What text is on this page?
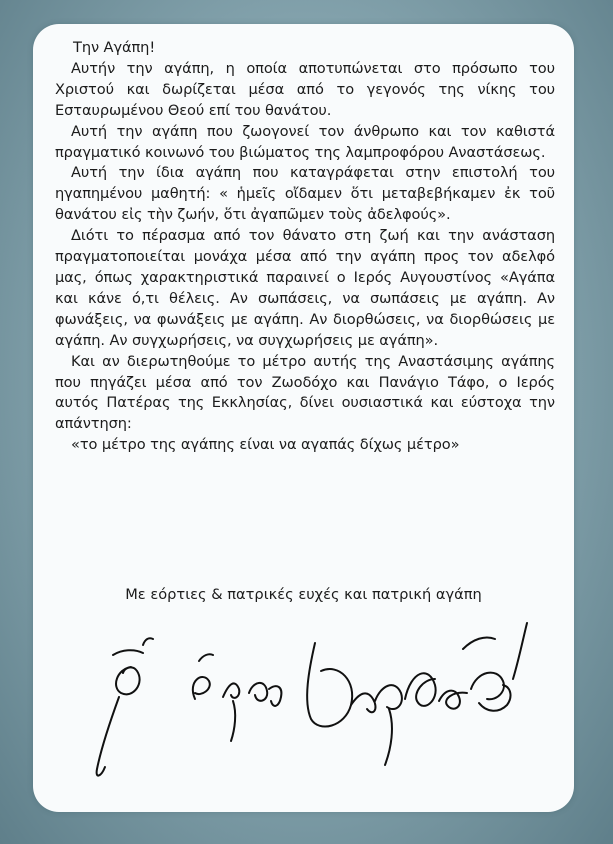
Την Αγάπη!

Αυτήν την αγάπη, η οποία αποτυπώνεται στο πρόσωπο του Χριστού και δωρίζεται μέσα από το γεγονός της νίκης του Εσταυρωμένου Θεού επί του θανάτου.

Αυτή την αγάπη που ζωογονεί τον άνθρωπο και τον καθιστά πραγματικό κοινωνό του βιώματος της λαμπροφόρου Αναστάσεως.

Αυτή την ίδια αγάπη που καταγράφεται στην επιστολή του ηγαπημένου μαθητή: « ἡμεῖς οἴδαμεν ὅτι μεταβεβήκαμεν ἐκ τοῦ θανάτου εἰς τὴν ζωήν, ὅτι ἀγαπῶμεν τοὺς ἀδελφούς».

Διότι το πέρασμα από τον θάνατο στη ζωή και την ανάσταση πραγματοποιείται μονάχα μέσα από την αγάπη προς τον αδελφό μας, όπως χαρακτηριστικά παραινεί ο Ιερός Αυγουστίνος «Αγάπα και κάνε ό,τι θέλεις. Αν σωπάσεις, να σωπάσεις με αγάπη. Αν φωνάξεις, να φωνάξεις με αγάπη. Αν διορθώσεις, να διορθώσεις με αγάπη. Αν συγχωρήσεις, να συγχωρήσεις με αγάπη».

Και αν διερωτηθούμε το μέτρο αυτής της Αναστάσιμης αγάπης που πηγάζει μέσα από τον Ζωοδόχο και Πανάγιο Τάφο, ο Ιερός αυτός Πατέρας της Εκκλησίας, δίνει ουσιαστικά και εύστοχα την απάντηση:

«το μέτρο της αγάπης είναι να αγαπάς δίχως μέτρο»

Με εόρτιες & πατρικές ευχές και πατρική αγάπη
